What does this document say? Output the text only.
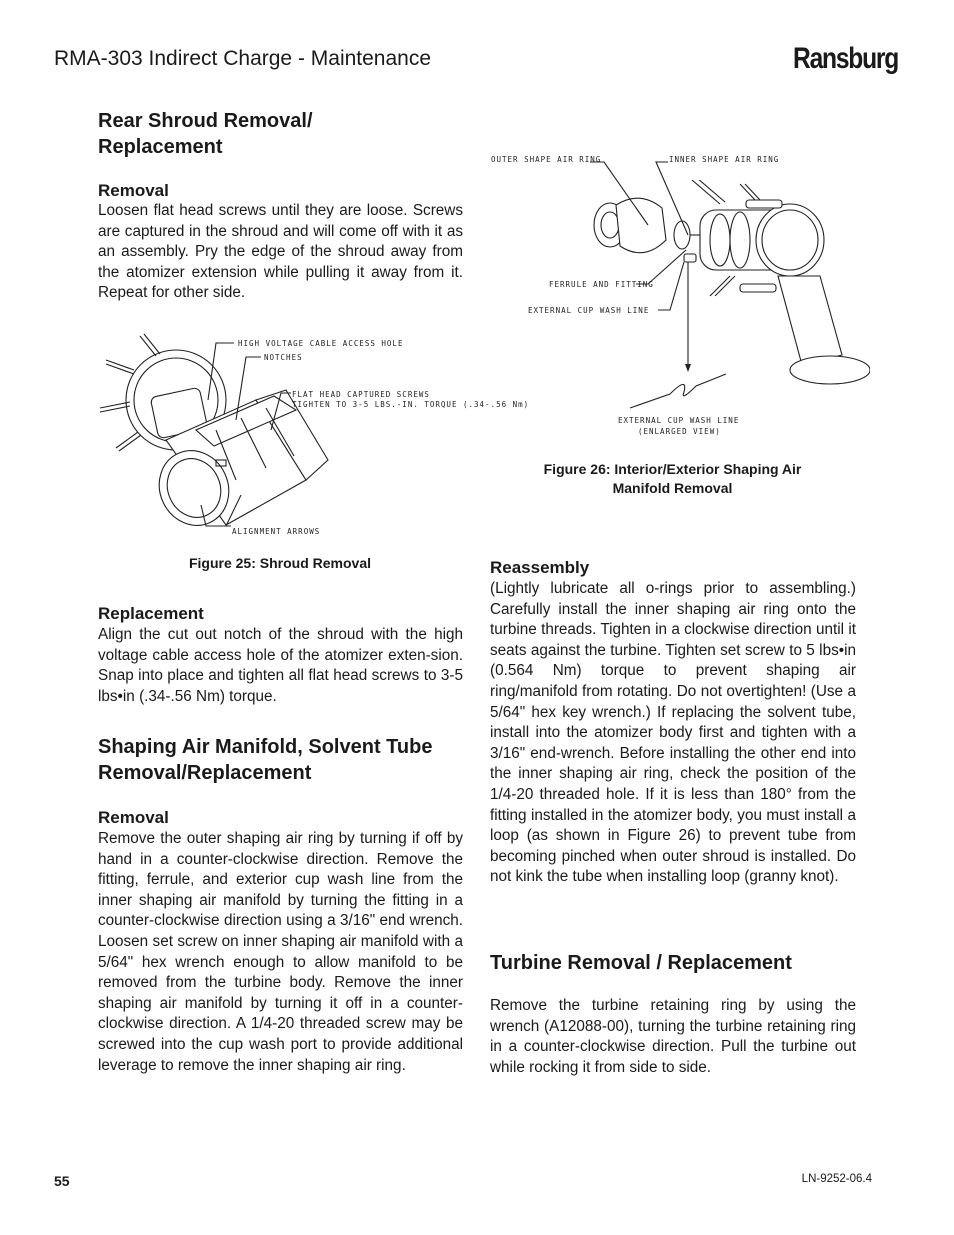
RMA-303 Indirect Charge - Maintenance	Ransburg
Rear Shroud Removal/
Replacement
Removal
Loosen flat head screws until they are loose. Screws are captured in the shroud and will come off with it as an assembly. Pry the edge of the shroud away from the atomizer extension while pulling it away from it. Repeat for other side.
HIGH VOLTAGE CABLE ACCESS HOLE
NOTCHES
FLAT HEAD CAPTURED SCREWS
TIGHTEN TO 3-5 LBS.-IN. TORQUE (.34-.56 Nm)
ALIGNMENT ARROWS
Figure 25: Shroud Removal
Replacement
Align the cut out notch of the shroud with the high voltage cable access hole of the atomizer exten-sion. Snap into place and tighten all flat head screws to 3-5 lbs•in (.34-.56 Nm) torque.
Shaping Air Manifold, Solvent Tube Removal/Replacement
Removal
Remove the outer shaping air ring by turning if off by hand in a counter-clockwise direction. Remove the fitting, ferrule, and exterior cup wash line from the inner shaping air manifold by turning the fitting in a counter-clockwise direction using a 3/16" end wrench. Loosen set screw on inner shaping air manifold with a 5/64" hex wrench enough to allow manifold to be removed from the turbine body. Remove the inner shaping air manifold by turning it off in a counter-clockwise direction. A 1/4-20 threaded screw may be screwed into the cup wash port to provide additional leverage to remove the inner shaping air ring.
OUTER SHAPE AIR RING	INNER SHAPE AIR RING
FERRULE AND FITTING
EXTERNAL CUP WASH LINE
EXTERNAL CUP WASH LINE
(ENLARGED VIEW)
Figure 26: Interior/Exterior Shaping Air
Manifold Removal
Reassembly
(Lightly lubricate all o-rings prior to assembling.) Carefully install the inner shaping air ring onto the turbine threads. Tighten in a clockwise direction until it seats against the turbine. Tighten set screw to 5 lbs•in (0.564 Nm) torque to prevent shaping air ring/manifold from rotating. Do not overtighten! (Use a 5/64" hex key wrench.) If replacing the solvent tube, install into the atomizer body first and tighten with a 3/16" end-wrench. Before installing the other end into the inner shaping air ring, check the position of the 1/4-20 threaded hole. If it is less than 180° from the fitting installed in the atomizer body, you must install a loop (as shown in Figure 26) to prevent tube from becoming pinched when outer shroud is installed. Do not kink the tube when installing loop (granny knot).
Turbine Removal / Replacement
Remove the turbine retaining ring by using the wrench (A12088-00), turning the turbine retaining ring in a counter-clockwise direction. Pull the turbine out while rocking it from side to side.
55	LN-9252-06.4
